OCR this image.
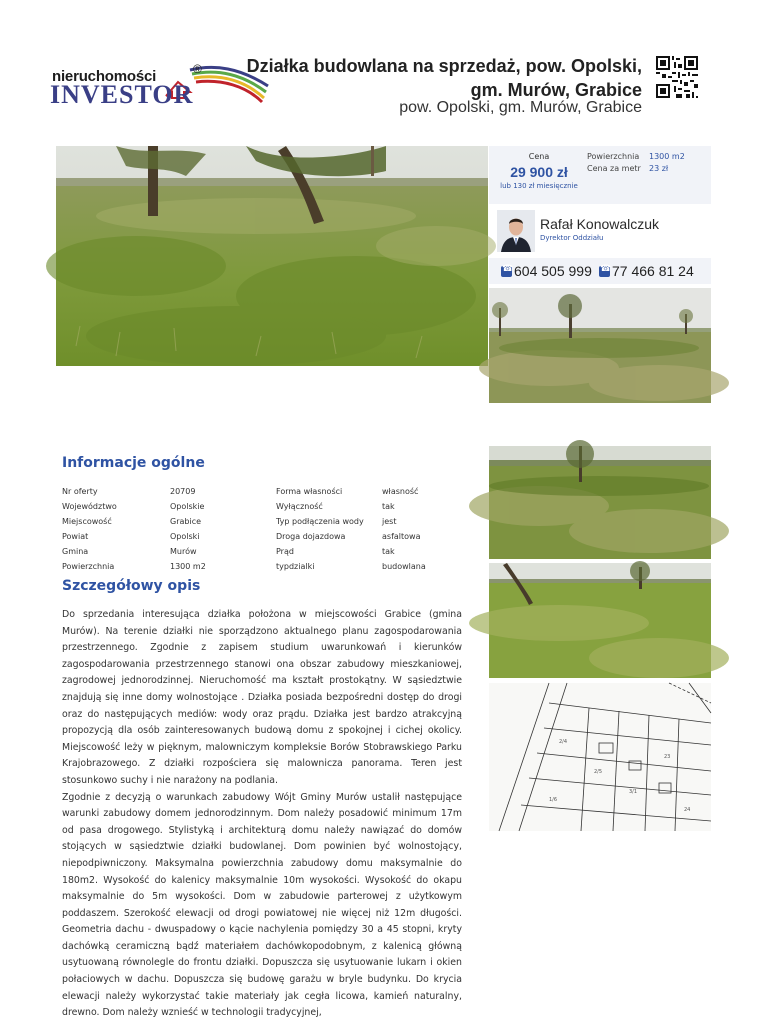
nieruchomości	®
INVESTOR
Działka budowlana na sprzedaż, pow. Opolski, gm. Murów, Grabice
pow. Opolski, gm. Murów, Grabice
Cena
29 900 zł
lub 130 zł miesięcznie
Powierzchnia
Cena za metr
1300 m2
23 zł
Rafał Konowalczuk
Dyrektor Oddziału
☎604 505 999
☎	77 466 81 24
2/4
2/5
3/1
23
24
1/6
Informacje ogólne
Nr oferty	20709	Forma własności	własność
Województwo	Opolskie	Wyłączność	tak
Miejscowość	Grabice	Typ podłączenia wody jest
Powiat	Opolski	Droga dojazdowa	asfaltowa
Gmina	Murów	Prąd	tak
Powierzchnia	1300 m2	typdzialki	budowlana
Szczegółowy opis

Do sprzedania interesująca działka położona w miejscowości Grabice (gmina Murów). Na terenie działki nie sporządzono aktualnego planu zagospodarowania przestrzennego. Zgodnie z zapisem studium uwarunkowań i kierunków zagospodarowania przestrzennego stanowi ona obszar zabudowy mieszkaniowej, zagrodowej jednorodzinnej. Nieruchomość ma kształt prostokątny. W sąsiedztwie znajdują się inne domy wolnostojące . Działka posiada bezpośredni dostęp do drogi oraz do następujących mediów: wody oraz prądu. Działka jest bardzo atrakcyjną propozycją dla osób zainteresowanych budową domu z spokojnej i cichej okolicy. Miejscowość leży w pięknym, malowniczym kompleksie Borów Stobrawskiego Parku Krajobrazowego. Z działki rozpościera się malownicza panorama. Teren jest stosunkowo suchy i nie narażony na podlania.

Zgodnie z decyzją o warunkach zabudowy Wójt Gminy Murów ustalił następujące warunki zabudowy domem jednorodzinnym. Dom należy posadowić minimum 17m od pasa drogowego. Stylistyką i architekturą domu należy nawiązać do domów stojących w sąsiedztwie działki budowlanej. Dom powinien być wolnostojący, niepodpiwniczony. Maksymalna powierzchnia zabudowy domu maksymalnie do 180m2. Wysokość do kalenicy maksymalnie 10m wysokości. Wysokość do okapu maksymalnie do 5m wysokości. Dom w zabudowie parterowej z użytkowym poddaszem. Szerokość elewacji od drogi powiatowej nie więcej niż 12m długości. Geometria dachu - dwuspadowy o kącie nachylenia pomiędzy 30 a 45 stopni, kryty dachówką ceramiczną bądź materiałem dachówkopodobnym, z kalenicą główną usytuowaną równolegle do frontu działki. Dopuszcza się usytuowanie lukarn i okien połaciowych w dachu. Dopuszcza się budowę garażu w bryle budynku. Do krycia elewacji należy wykorzystać takie materiały jak cegła licowa, kamień naturalny, drewno. Dom należy wznieść w technologii tradycyjnej,
